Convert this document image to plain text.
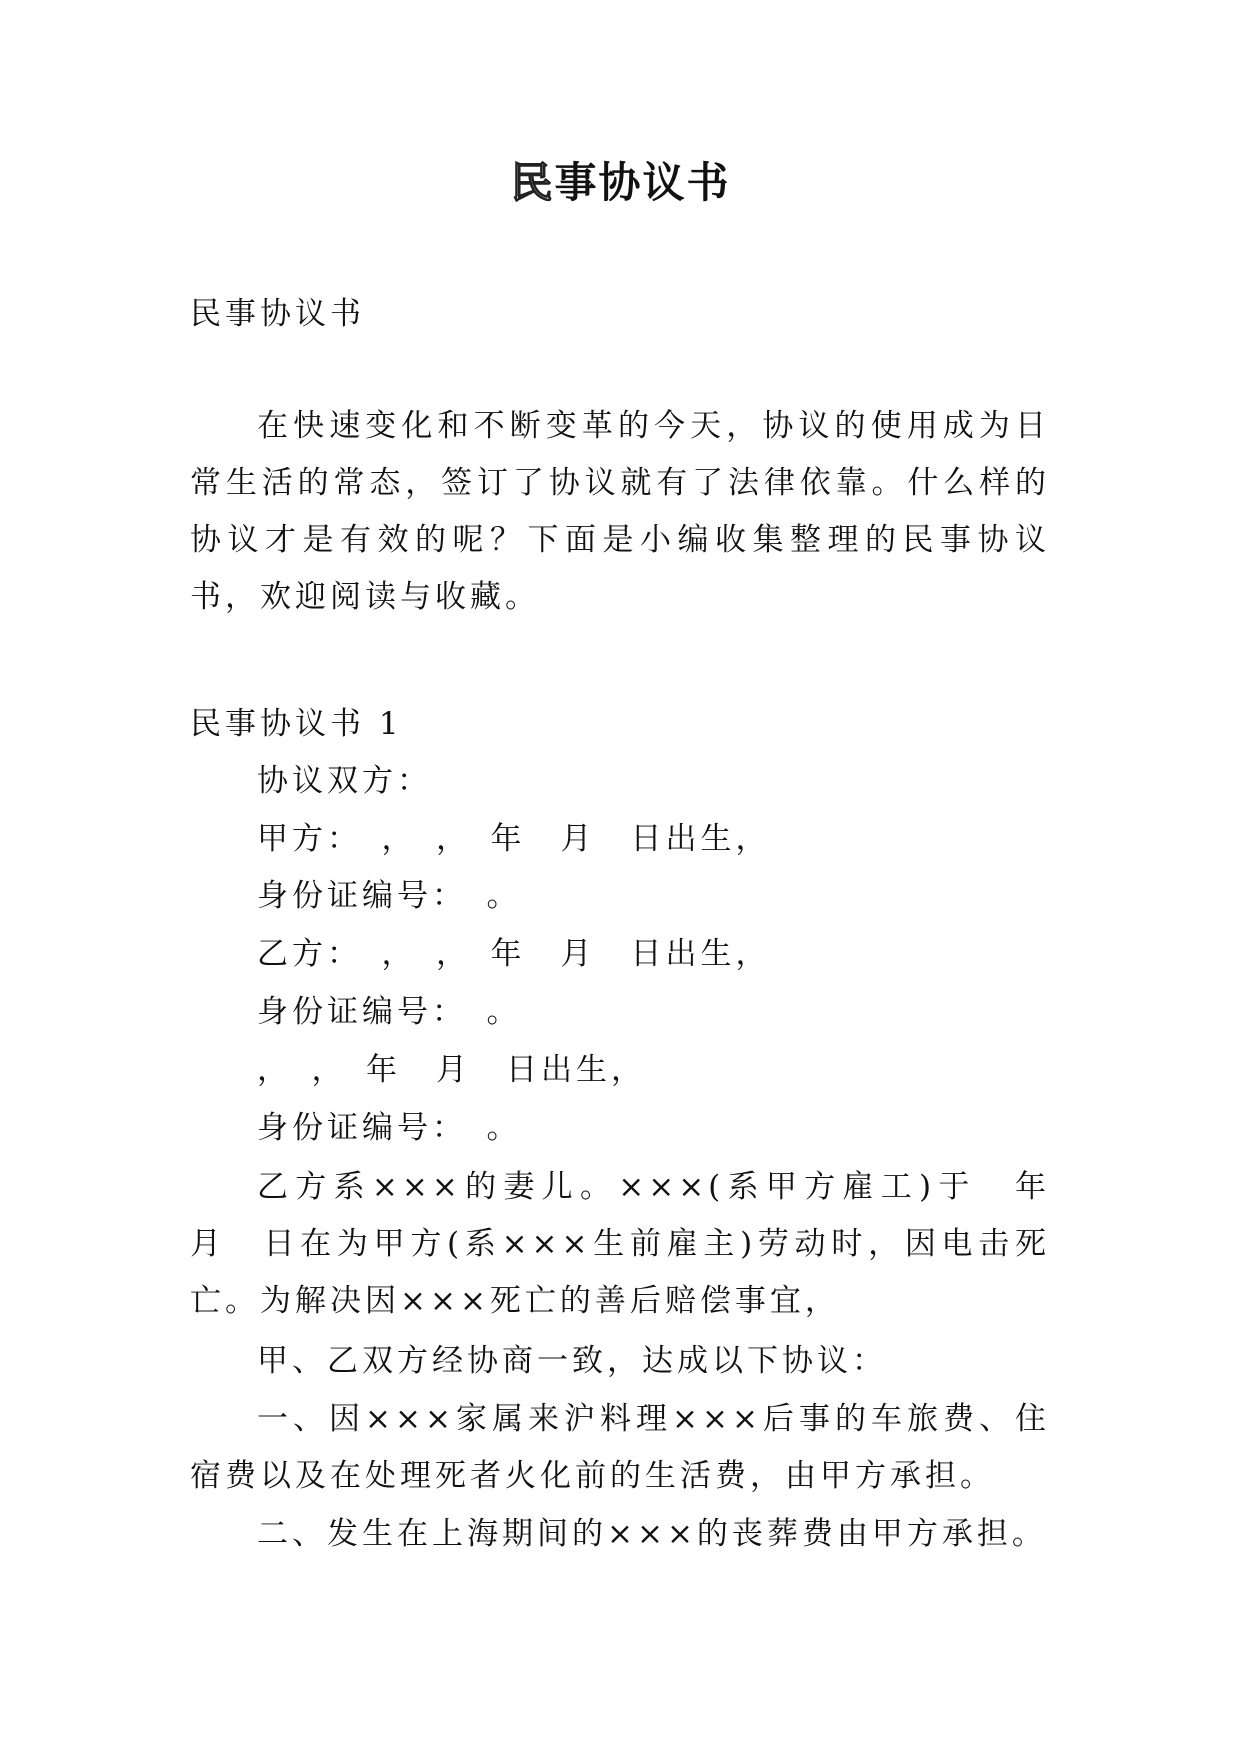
民事协议书
民事协议书
在快速变化和不断变革的今天，协议的使用成为日常生活的常态，签订了协议就有了法律依靠。什么样的协议才是有效的呢？下面是小编收集整理的民事协议书，欢迎阅读与收藏。
民事协议书 1
协议双方：
甲方：　，　，　年　月　日出生，
身份证编号：　。
乙方：　，　，　年　月　日出生，
身份证编号：　。
，　，　年　月　日出生，
身份证编号：　。
乙方系×××的妻儿。×××(系甲方雇工)于　年　月　日在为甲方(系×××生前雇主)劳动时，因电击死亡。为解决因×××死亡的善后赔偿事宜，
甲、乙双方经协商一致，达成以下协议：
一、因×××家属来沪料理×××后事的车旅费、住宿费以及在处理死者火化前的生活费，由甲方承担。
二、发生在上海期间的×××的丧葬费由甲方承担。
